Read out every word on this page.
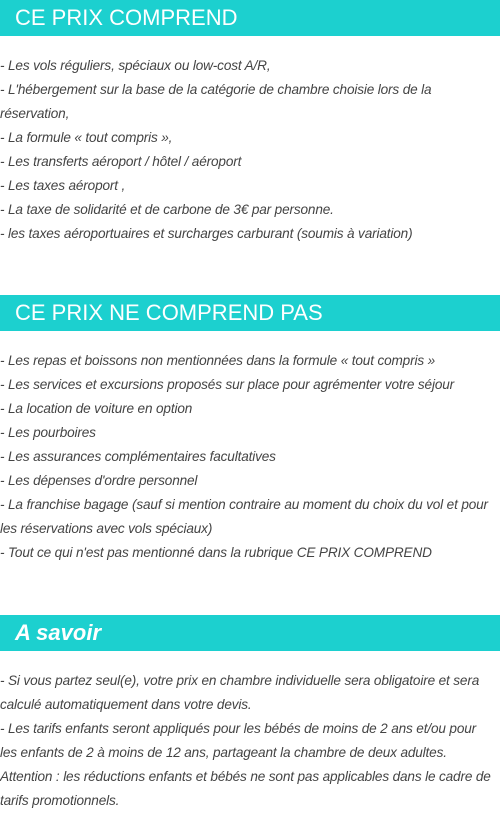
CE PRIX COMPREND
- Les vols réguliers, spéciaux ou low-cost A/R,
- L'hébergement sur la base de la catégorie de chambre choisie lors de la réservation,
- La formule « tout compris »,
- Les transferts aéroport / hôtel / aéroport
- Les taxes aéroport ,
- La taxe de solidarité et de carbone de 3€ par personne.
- les taxes aéroportuaires et surcharges carburant (soumis à variation)
CE PRIX NE COMPREND PAS
- Les repas et boissons non mentionnées dans la formule « tout compris »
- Les services et excursions proposés sur place pour agrémenter votre séjour
- La location de voiture en option
- Les pourboires
- Les assurances complémentaires facultatives
- Les dépenses d'ordre personnel
- La franchise bagage (sauf si mention contraire au moment du choix du vol et pour les réservations avec vols spéciaux)
- Tout ce qui n'est pas mentionné dans la rubrique CE PRIX COMPREND
A savoir
- Si vous partez seul(e), votre prix en chambre individuelle sera obligatoire et sera calculé automatiquement dans votre devis.
- Les tarifs enfants seront appliqués pour les bébés de moins de 2 ans et/ou pour les enfants de 2 à moins de 12 ans, partageant la chambre de deux adultes.
Attention : les réductions enfants et bébés ne sont pas applicables dans le cadre de tarifs promotionnels.
